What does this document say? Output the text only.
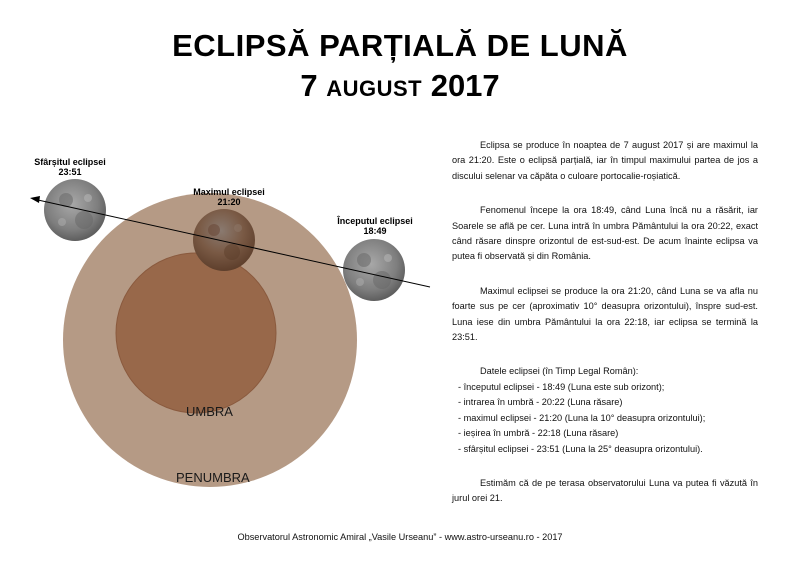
ECLIPSĂ PARȚIALĂ DE LUNĂ
7 AUGUST 2017
Sfârșitul eclipsei
23:51
Maximul eclipsei
21:20
Începutul eclipsei
18:49
UMBRA
PENUMBRA

Eclipsa se produce în noaptea de 7 august 2017 și are maximul la ora 21:20. Este o eclipsă parțială, iar în timpul maximului partea de jos a discului selenar va căpăta o culoare portocalie-roșiatică.

Fenomenul începe la ora 18:49, când Luna încă nu a răsărit, iar Soarele se află pe cer. Luna intră în umbra Pământului la ora 20:22, exact când răsare dinspre orizontul de est-sud-est. De acum înainte eclipsa va putea fi observată și din România.

Maximul eclipsei se produce la ora 21:20, când Luna se va afla nu foarte sus pe cer (aproximativ 10° deasupra orizontului), înspre sud-est. Luna iese din umbra Pământului la ora 22:18, iar eclipsa se termină la 23:51.

Datele eclipsei (în Timp Legal Român):
- începutul eclipsei - 18:49 (Luna este sub orizont);
- intrarea în umbră - 20:22 (Luna răsare)
- maximul eclipsei - 21:20 (Luna la 10° deasupra orizontului);
- ieșirea în umbră - 22:18 (Luna răsare)
- sfârșitul eclipsei - 23:51 (Luna la 25° deasupra orizontului).

Estimăm că de pe terasa observatorului Luna va putea fi văzută în jurul orei 21.

Observatorul Astronomic Amiral „Vasile Urseanu” - www.astro-urseanu.ro - 2017
